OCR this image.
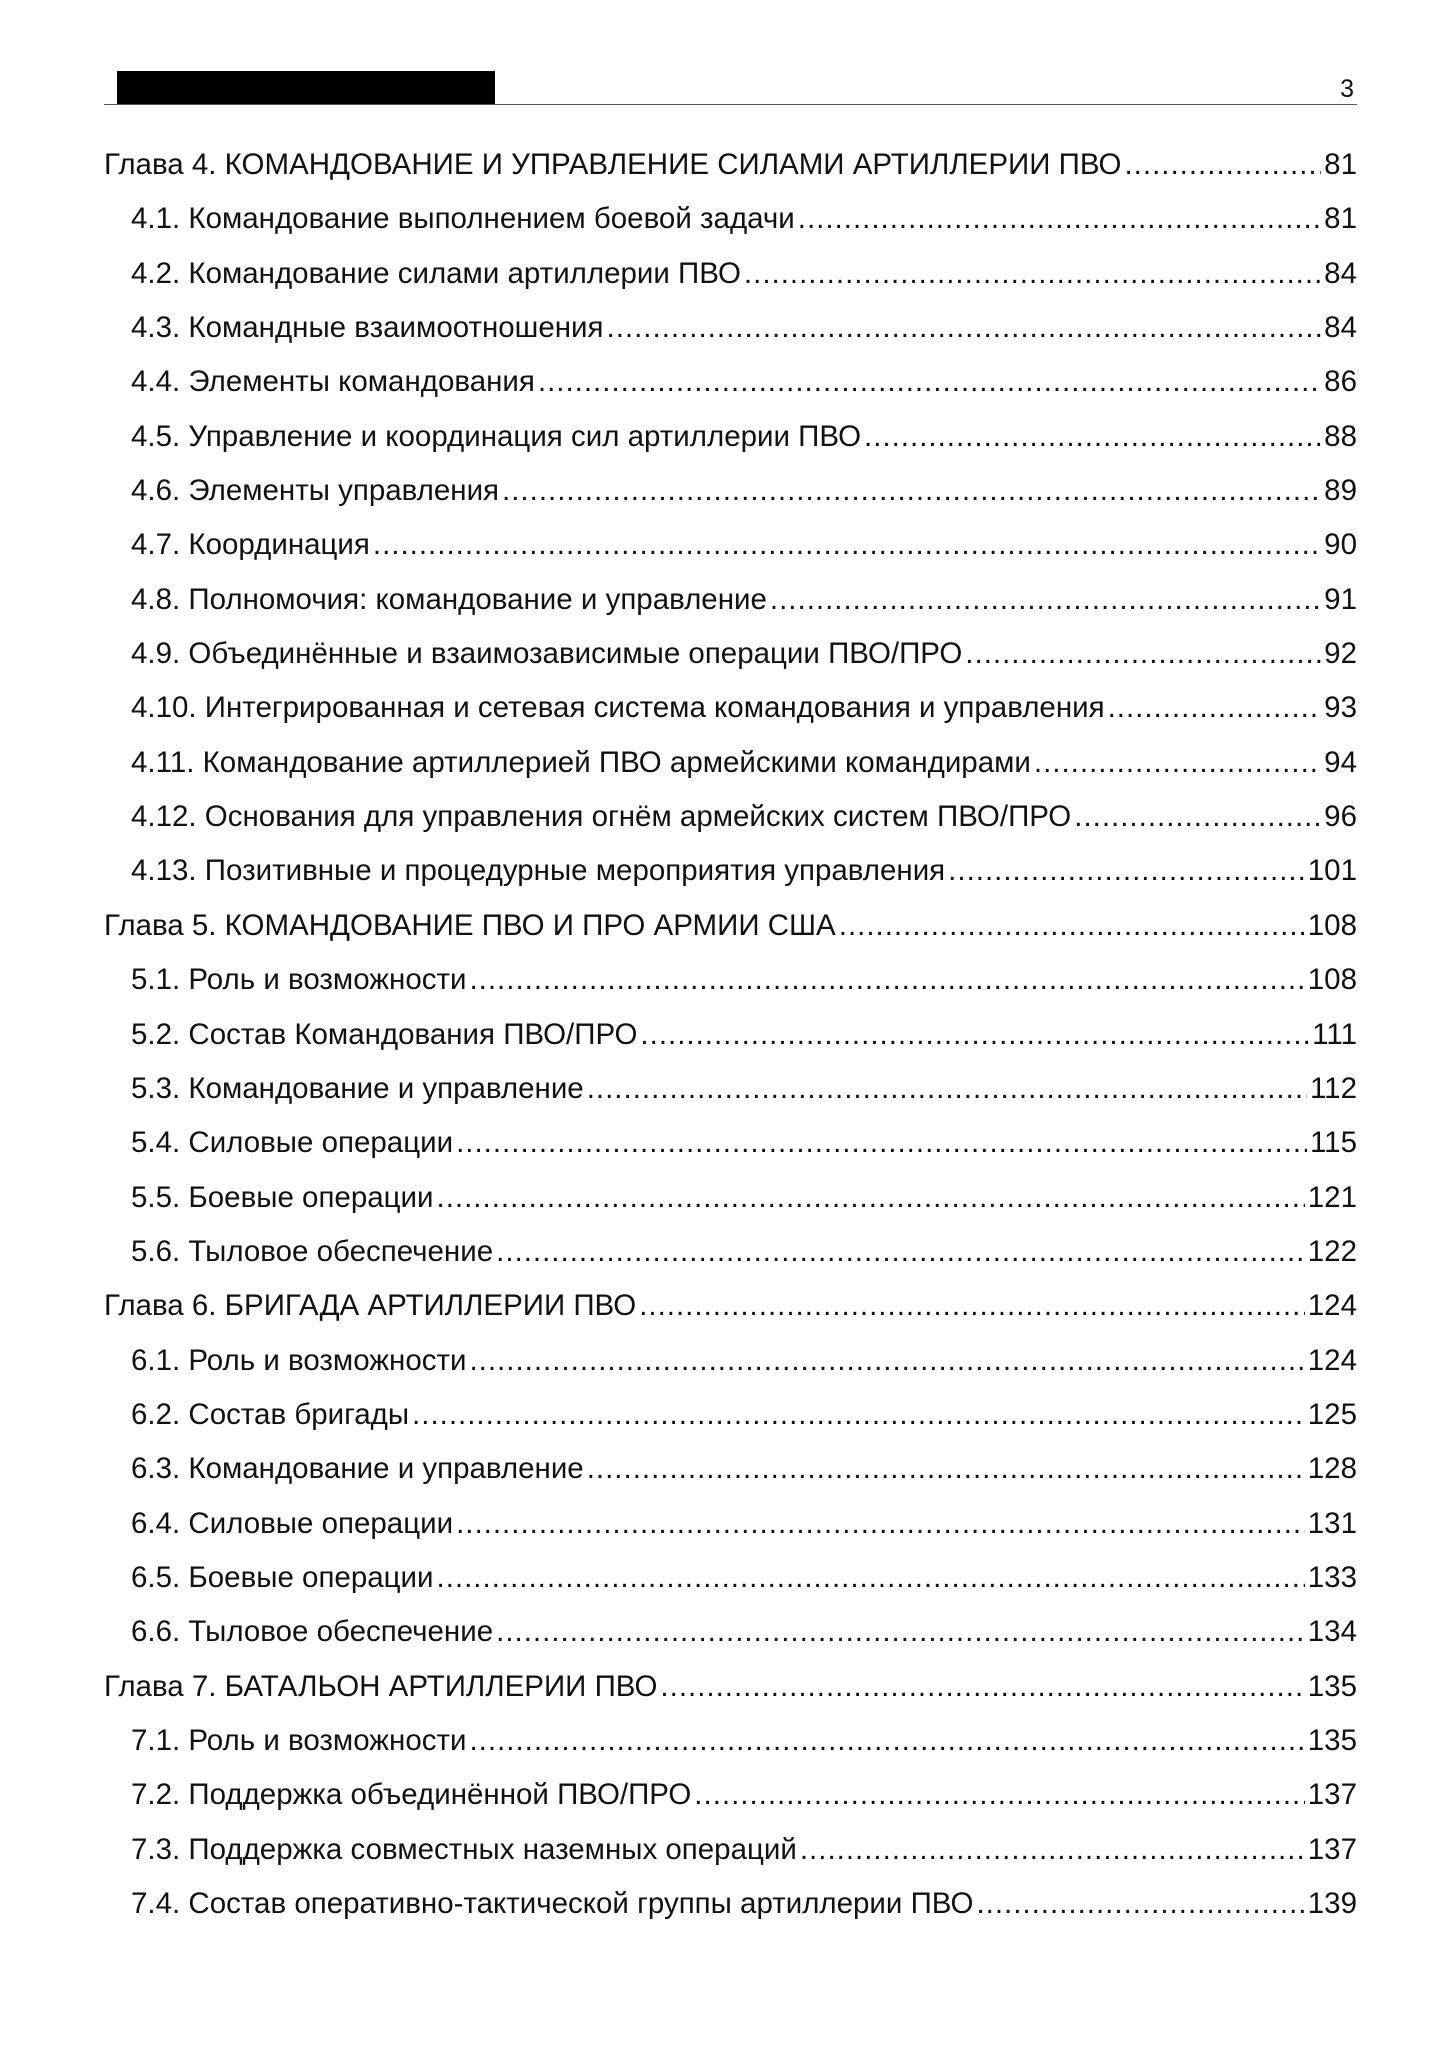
3
Глава 4. КОМАНДОВАНИЕ И УПРАВЛЕНИЕ СИЛАМИ АРТИЛЛЕРИИ ПВО .....	81
4.1. Командование выполнением боевой задачи .....	81
4.2. Командование силами артиллерии ПВО .....	84
4.3. Командные взаимоотношения .....	84
4.4. Элементы командования .....	86
4.5. Управление и координация сил артиллерии ПВО .....	88
4.6. Элементы управления .....	89
4.7. Координация .....	90
4.8. Полномочия: командование и управление .....	91
4.9. Объединённые и взаимозависимые операции ПВО/ПРО .....	92
4.10. Интегрированная и сетевая система командования и управления .....	93
4.11. Командование артиллерией ПВО армейскими командирами .....	94
4.12. Основания для управления огнём армейских систем ПВО/ПРО .....	96
4.13. Позитивные и процедурные мероприятия управления .....	101
Глава 5. КОМАНДОВАНИЕ ПВО И ПРО АРМИИ США .....	108
5.1. Роль и возможности .....	108
5.2. Состав Командования ПВО/ПРО .....	111
5.3. Командование и управление .....	112
5.4. Силовые операции .....	115
5.5. Боевые операции .....	121
5.6. Тыловое обеспечение .....	122
Глава 6. БРИГАДА АРТИЛЛЕРИИ ПВО .....	124
6.1. Роль и возможности .....	124
6.2. Состав бригады .....	125
6.3. Командование и управление .....	128
6.4. Силовые операции .....	131
6.5. Боевые операции .....	133
6.6. Тыловое обеспечение .....	134
Глава 7. БАТАЛЬОН АРТИЛЛЕРИИ ПВО .....	135
7.1. Роль и возможности .....	135
7.2. Поддержка объединённой ПВО/ПРО .....	137
7.3. Поддержка совместных наземных операций .....	137
7.4. Состав оперативно-тактической группы артиллерии ПВО .....	139
